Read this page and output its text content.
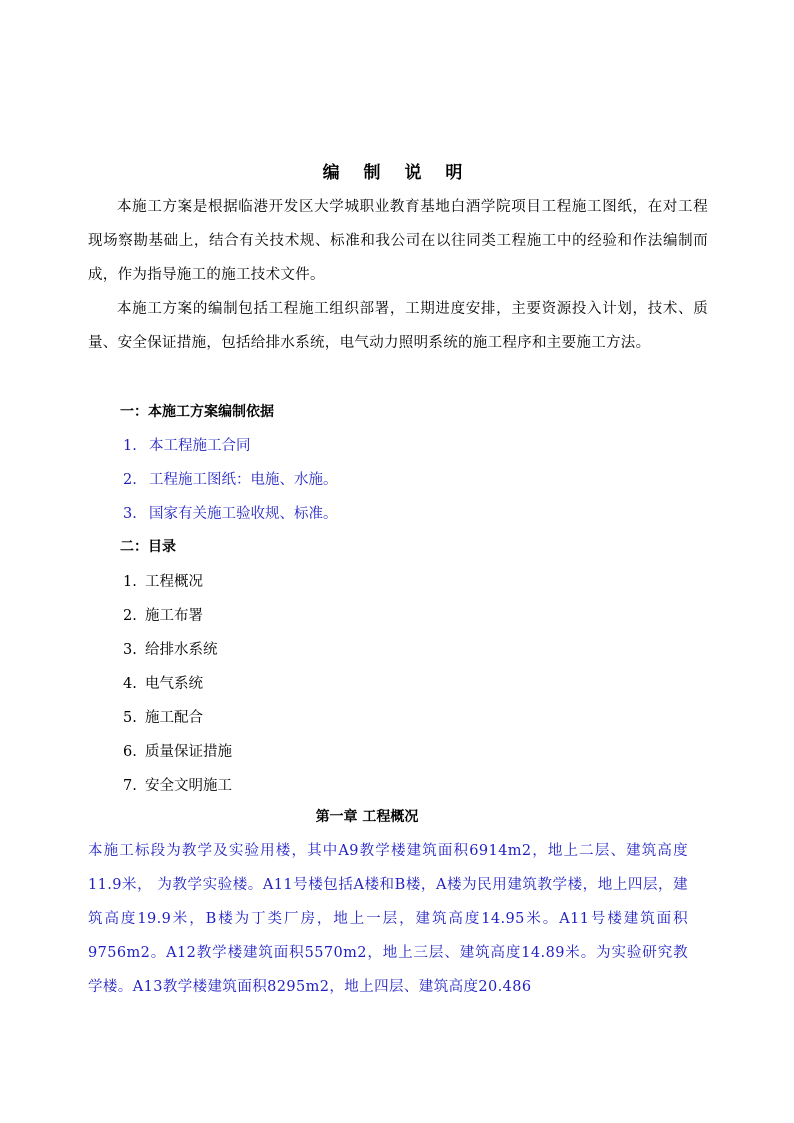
编 制 说 明
本施工方案是根据临港开发区大学城职业教育基地白酒学院项目工程施工图纸，在对工程现场察勘基础上，结合有关技术规、标准和我公司在以往同类工程施工中的经验和作法编制而成，作为指导施工的施工技术文件。
本施工方案的编制包括工程施工组织部署，工期进度安排，主要资源投入计划，技术、质量、安全保证措施，包括给排水系统，电气动力照明系统的施工程序和主要施工方法。
一：本施工方案编制依据
1. 本工程施工合同
2. 工程施工图纸：电施、水施。
3. 国家有关施工验收规、标准。
二：目录
1. 工程概况
2. 施工布署
3. 给排水系统
4. 电气系统
5. 施工配合
6. 质量保证措施
7. 安全文明施工
第一章 工程概况
本施工标段为教学及实验用楼，其中A9教学楼建筑面积6914m2，地上二层、建筑高度11.9米， 为教学实验楼。A11号楼包括A楼和B楼，A楼为民用建筑教学楼，地上四层，建筑高度19.9米，B楼为丁类厂房，地上一层，建筑高度14.95米。A11号楼建筑面积9756m2。A12教学楼建筑面积5570m2，地上三层、建筑高度14.89米。为实验研究教学楼。A13教学楼建筑面积8295m2，地上四层、建筑高度20.486
